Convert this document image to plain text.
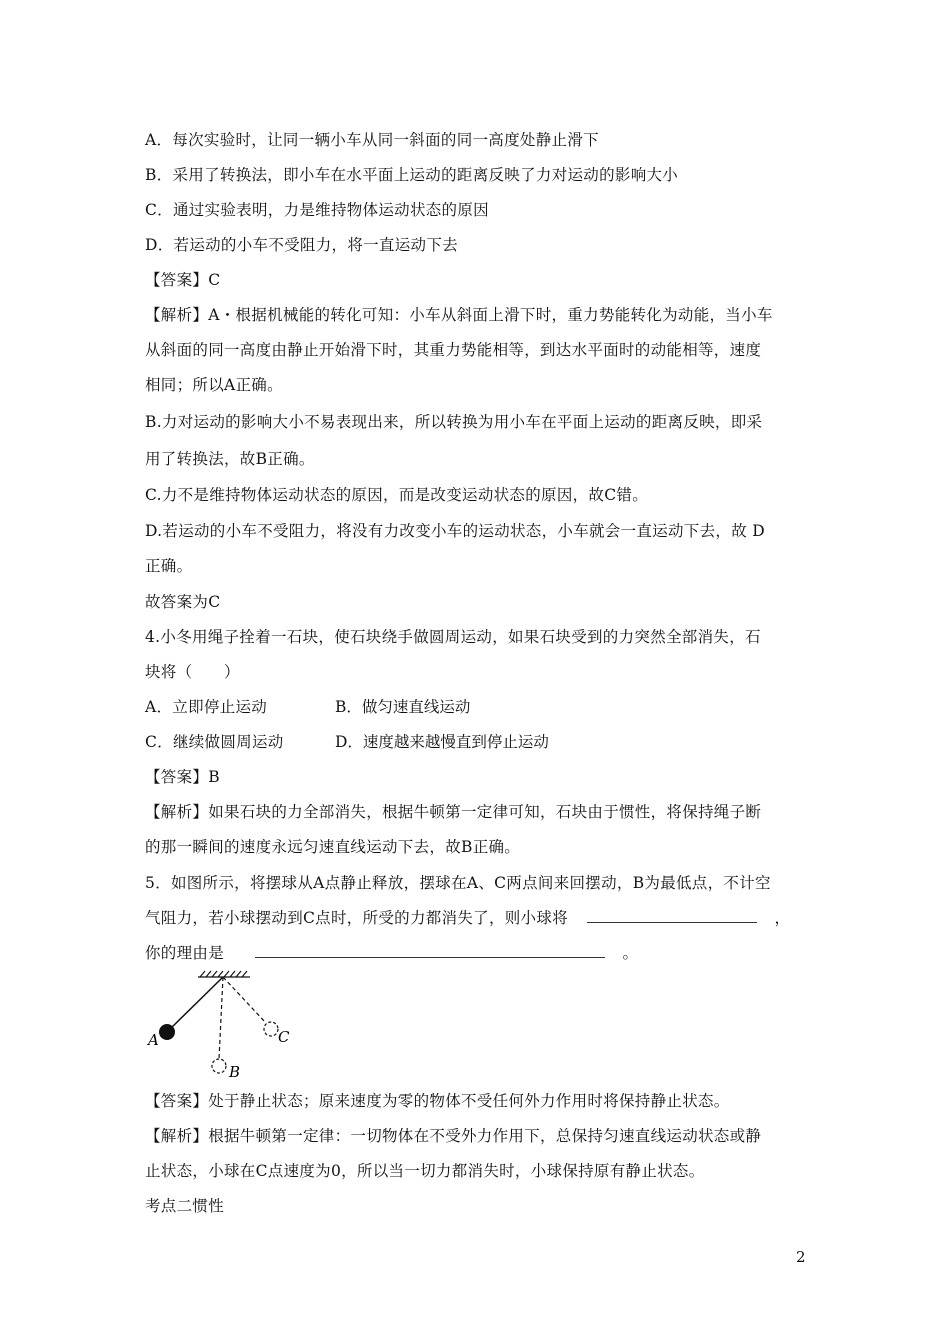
A．每次实验时，让同一辆小车从同一斜面的同一高度处静止滑下
B．采用了转换法，即小车在水平面上运动的距离反映了力对运动的影响大小
C．通过实验表明，力是维持物体运动状态的原因
D．若运动的小车不受阻力，将一直运动下去
【答案】C
【解析】A・根据机械能的转化可知：小车从斜面上滑下时，重力势能转化为动能，当小车
从斜面的同一高度由静止开始滑下时，其重力势能相等，到达水平面时的动能相等，速度
相同；所以A正确。
B.力对运动的影响大小不易表现出来，所以转换为用小车在平面上运动的距离反映，即采
用了转换法，故B正确。
C.力不是维持物体运动状态的原因，而是改变运动状态的原因，故C错。
D.若运动的小车不受阻力，将没有力改变小车的运动状态，小车就会一直运动下去，故 D
正确。
故答案为C
4.小冬用绳子拴着一石块，使石块绕手做圆周运动，如果石块受到的力突然全部消失，石
块将（　　）
A．立即停止运动	B．做匀速直线运动
C．继续做圆周运动	D．速度越来越慢直到停止运动
【答案】B
【解析】如果石块的力全部消失，根据牛顿第一定律可知，石块由于惯性，将保持绳子断
的那一瞬间的速度永远匀速直线运动下去，故B正确。
5．如图所示，将摆球从A点静止释放，摆球在A、C两点间来回摆动，B为最低点，不计空
气阻力，若小球摆动到C点时，所受的力都消失了，则小球将	，
你的理由是	。
A
B
C
【答案】处于静止状态；原来速度为零的物体不受任何外力作用时将保持静止状态。
【解析】根据牛顿第一定律：一切物体在不受外力作用下，总保持匀速直线运动状态或静
止状态，小球在C点速度为0，所以当一切力都消失时，小球保持原有静止状态。
考点二惯性
2
